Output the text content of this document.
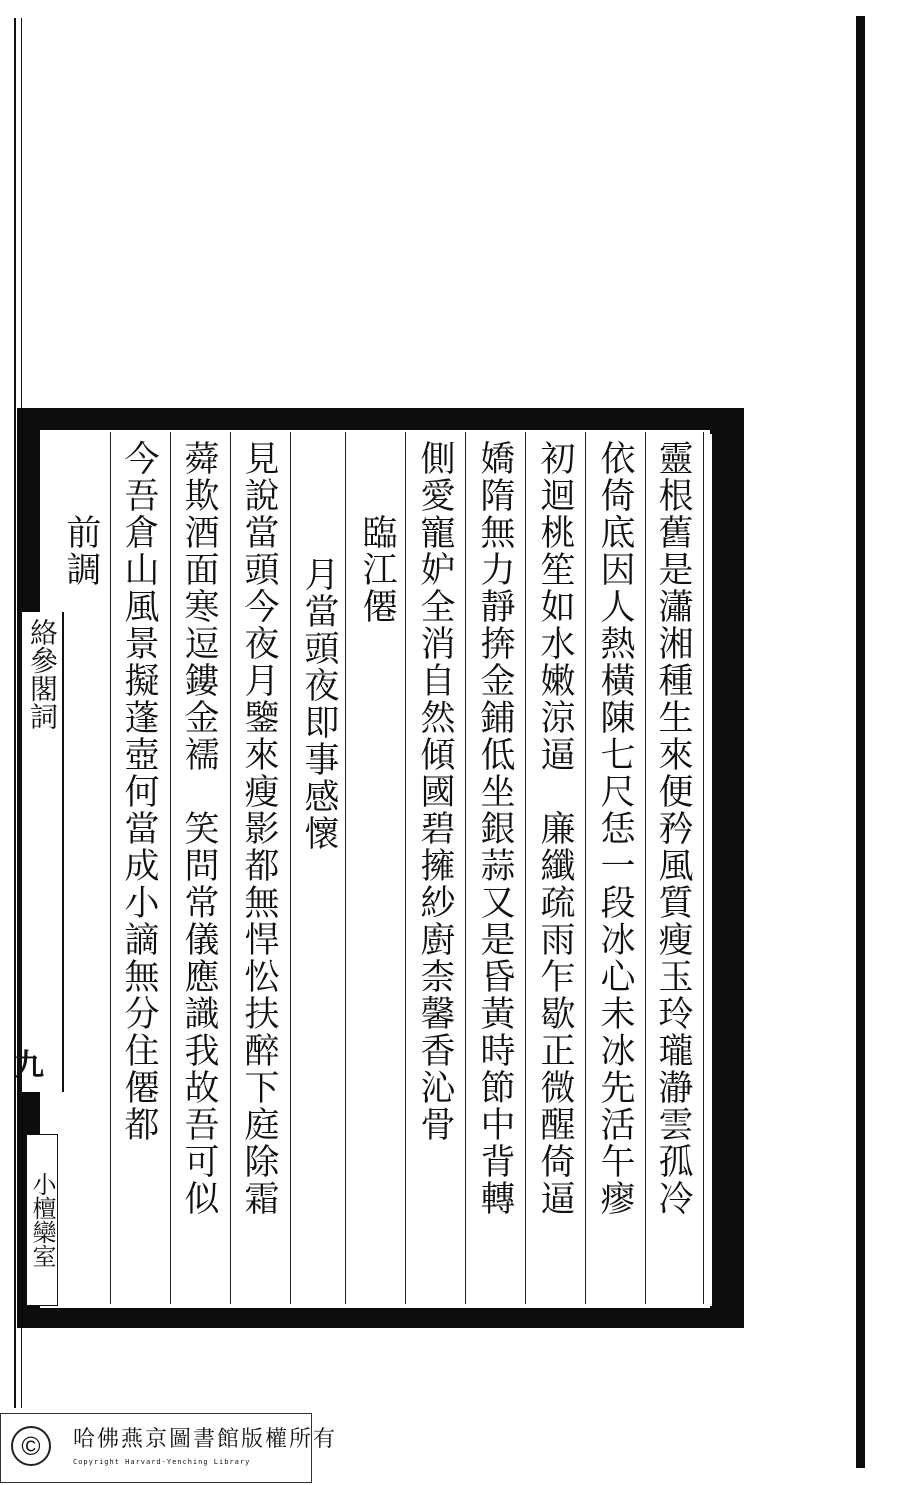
靈根舊是瀟湘種生來便矜風質瘦玉玲瓏瀞雲孤冷
依倚底因人熱橫陳七尺恁一段冰心未冰先活午瘳
初迴桃笙如水嫩涼逼　廉纖疏雨乍歇正微醒倚逼
嬌隋無力靜捹金鋪低坐銀蒜又是昏黃時節中背轉
側愛寵妒全消自然傾國碧擁紗廚柰馨香沁骨
臨江僊
月當頭夜即事感懷
見說當頭今夜月鑒來瘦影都無悍忪扶醉下庭除霜
蕣欺酒面寒逗鏤金襦　笑問常儀應識我故吾可似
今吾倉山風景擬蓬壺何當成小謫無分住僊都
前調
絡參閣詞
九
小檀欒室
©	哈佛燕京圖書館版權所有
Copyright Harvard-Yenching Library
